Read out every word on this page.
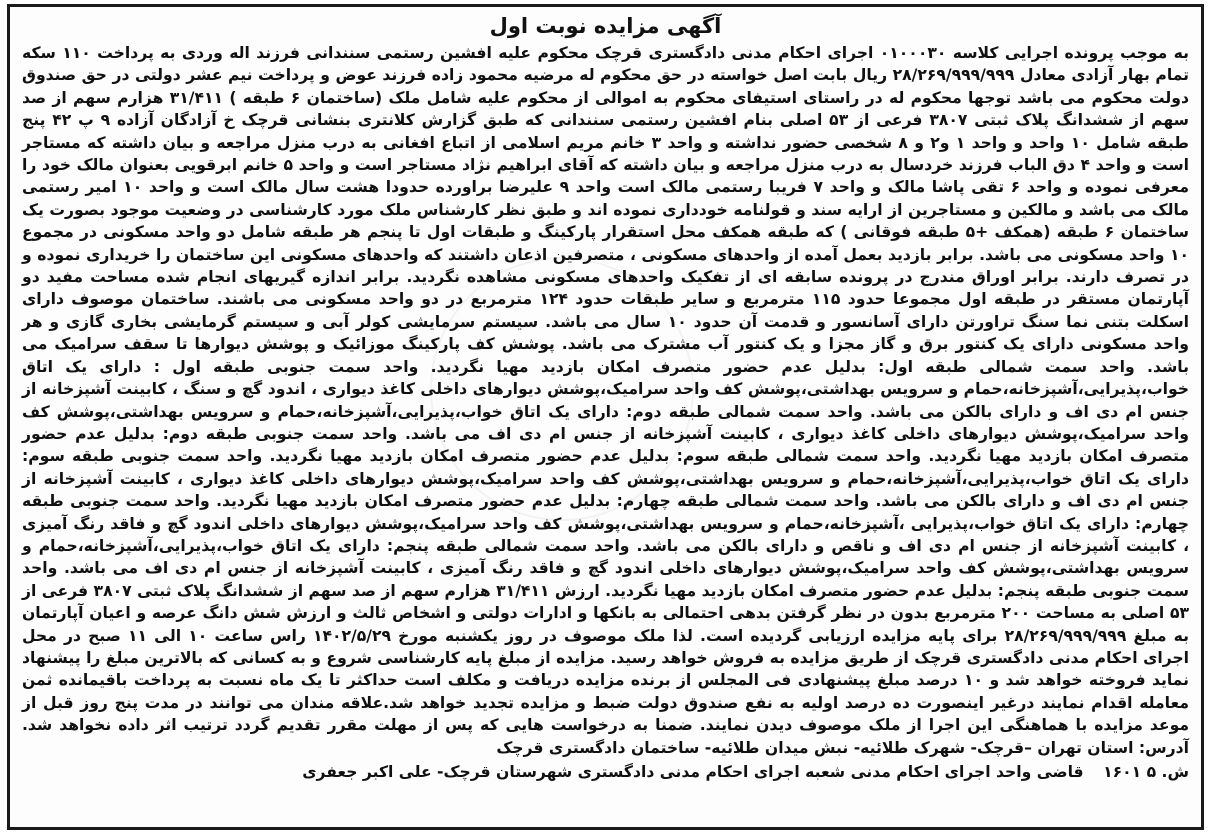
آگهی مزایده نوبت اول

به موجب پرونده اجرایی کلاسه ۰۱۰۰۰۳۰ اجرای احکام مدنی دادگستری قرچک محکوم علیه افشین رستمی سنندانی فرزند اله وردی به پرداخت ۱۱۰ سکه تمام بهار آزادی معادل ۲۸/۲۶۹/۹۹۹/۹۹۹ ریال بابت اصل خواسته در حق محکوم له مرضیه محمود زاده فرزند عوض و پرداخت نیم عشر دولتی در حق صندوق دولت محکوم می باشد توجها محکوم له در راستای استیفای محکوم به اموالی از محکوم علیه شامل ملک (ساختمان ۶ طبقه ) ۳۱/۴۱۱ هزارم سهم از صد سهم از ششدانگ پلاک ثبتی ۳۸۰۷ فرعی از ۵۳ اصلی بنام افشین رستمی سنندانی که طبق گزارش کلانتری بنشانی قرچک خ آزادگان آزاده ۹ پ ۴۲ پنج طبقه شامل ۱۰ واحد و واحد ۱ و۲ و ۸ شخصی حضور نداشته و واحد ۳ خانم مریم اسلامی از اتباع افغانی به درب منزل مراجعه و بیان داشته که مستاجر است و واحد ۴ دق الباب فرزند خردسال به درب منزل مراجعه و بیان داشته که آقای ابراهیم نژاد مستاجر است و واحد ۵ خانم ابرقویی بعنوان مالک خود را معرفی نموده و واحد ۶ تقی پاشا مالک و واحد ۷ فریبا رستمی مالک است واحد ۹ علیرضا براورده حدودا هشت سال مالک است و واحد ۱۰ امیر رستمی مالک می باشد و مالکین و مستاجرین از ارایه سند و قولنامه خودداری نموده اند و طبق نظر کارشناس ملک مورد کارشناسی در وضعیت موجود بصورت یک ساختمان ۶ طبقه (همکف +۵ طبقه فوقانی ) که طبقه همکف محل استقرار پارکینگ و طبقات اول تا پنجم هر طبقه شامل دو واحد مسکونی در مجموع ۱۰ واحد مسکونی می باشد. برابر بازدید بعمل آمده از واحدهای مسکونی ، متصرفین اذعان داشتند که واحدهای مسکونی این ساختمان را خریداری نموده و در تصرف دارند. برابر اوراق مندرج در پرونده سابقه ای از تفکیک واحدهای مسکونی مشاهده نگردید. برابر اندازه گیریهای انجام شده مساحت مفید دو آپارتمان مستقر در طبقه اول مجموعا حدود ۱۱۵ مترمربع و سایر طبقات حدود ۱۲۴ مترمربع در دو واحد مسکونی می باشند. ساختمان موصوف دارای اسکلت بتنی نما سنگ تراورتن دارای آسانسور و قدمت آن حدود ۱۰ سال می باشد. سیستم سرمایشی کولر آبی و سیستم گرمایشی بخاری گازی و هر واحد مسکونی دارای یک کنتور برق و گاز مجزا و یک کنتور آب مشترک می باشد. پوشش کف پارکینگ موزائیک و پوشش دیوارها تا سقف سرامیک می باشد. واحد سمت شمالی طبقه اول: بدلیل عدم حضور متصرف امکان بازدید مهیا نگردید. واحد سمت جنوبی طبقه اول : دارای یک اتاق خواب،پذیرایی،آشپزخانه،حمام و سرویس بهداشتی،پوشش کف واحد سرامیک،پوشش دیوارهای داخلی کاغذ دیواری ، اندود گچ و سنگ ، کابینت آشپزخانه از جنس ام دی اف و دارای بالکن می باشد. واحد سمت شمالی طبقه دوم: دارای یک اتاق خواب،پذیرایی،آشپزخانه،حمام و سرویس بهداشتی،پوشش کف واحد سرامیک،پوشش دیوارهای داخلی کاغذ دیواری ، کابینت آشپزخانه از جنس ام دی اف می باشد. واحد سمت جنوبی طبقه دوم: بدلیل عدم حضور متصرف امکان بازدید مهیا نگردید. واحد سمت شمالی طبقه سوم: بدلیل عدم حضور متصرف امکان بازدید مهیا نگردید. واحد سمت جنوبی طبقه سوم: دارای یک اتاق خواب،پذیرایی،آشپزخانه،حمام و سرویس بهداشتی،پوشش کف واحد سرامیک،پوشش دیوارهای داخلی کاغذ دیواری ، کابینت آشپزخانه از جنس ام دی اف و دارای بالکن می باشد. واحد سمت شمالی طبقه چهارم: بدلیل عدم حضور متصرف امکان بازدید مهیا نگردید. واحد سمت جنوبی طبقه چهارم: دارای یک اتاق خواب،پذیرایی ،آشپزخانه،حمام و سرویس بهداشتی،پوشش کف واحد سرامیک،پوشش دیوارهای داخلی اندود گچ و فاقد رنگ آمیزی ، کابینت آشپزخانه از جنس ام دی اف و ناقص و دارای بالکن می باشد. واحد سمت شمالی طبقه پنجم: دارای یک اتاق خواب،پذیرایی،آشپزخانه،حمام و سرویس بهداشتی،پوشش کف واحد سرامیک،پوشش دیوارهای داخلی اندود گچ و فاقد رنگ آمیزی ، کابینت آشپزخانه از جنس ام دی اف می باشد. واحد سمت جنوبی طبقه پنجم: بدلیل عدم حضور متصرف امکان بازدید مهیا نگردید. ارزش ۳۱/۴۱۱ هزارم سهم از صد سهم از ششدانگ پلاک ثبتی ۳۸۰۷ فرعی از ۵۳ اصلی به مساحت ۲۰۰ مترمربع بدون در نظر گرفتن بدهی احتمالی به بانکها و ادارات دولتی و اشخاص ثالث و ارزش شش دانگ عرصه و اعیان آپارتمان به مبلغ ۲۸/۲۶۹/۹۹۹/۹۹۹ برای پایه مزایده ارزیابی گردیده است. لذا ملک موصوف در روز یکشنبه مورخ ۱۴۰۲/۵/۲۹ راس ساعت ۱۰ الی ۱۱ صبح در محل اجرای احکام مدنی دادگستری قرچک از طریق مزایده به فروش خواهد رسید. مزایده از مبلغ پایه کارشناسی شروع و به کسانی که بالاترین مبلغ را پیشنهاد نماید فروخته خواهد شد و ۱۰ درصد مبلغ پیشنهادی فی المجلس از برنده مزایده دریافت و مکلف است حداکثر تا یک ماه نسبت به پرداخت باقیمانده ثمن معامله اقدام نمایند درغیر اینصورت ده درصد اولیه به نفع صندوق دولت ضبط و مزایده تجدید خواهد شد.علاقه مندان می توانند در مدت پنج روز قبل از موعد مزایده با هماهنگی این اجرا از ملک موصوف دیدن نمایند. ضمنا به درخواست هایی که پس از مهلت مقرر تقدیم گردد ترتیب اثر داده نخواهد شد. آدرس: استان تهران –قرچک- شهرک طلائیه- نبش میدان طلائیه- ساختمان دادگستری قرچک

ش. ۵ ۱۶۰۱ قاضی واحد اجرای احکام مدنی شعبه اجرای احکام مدنی دادگستری شهرستان قرچک- علی اکبر جعفری
